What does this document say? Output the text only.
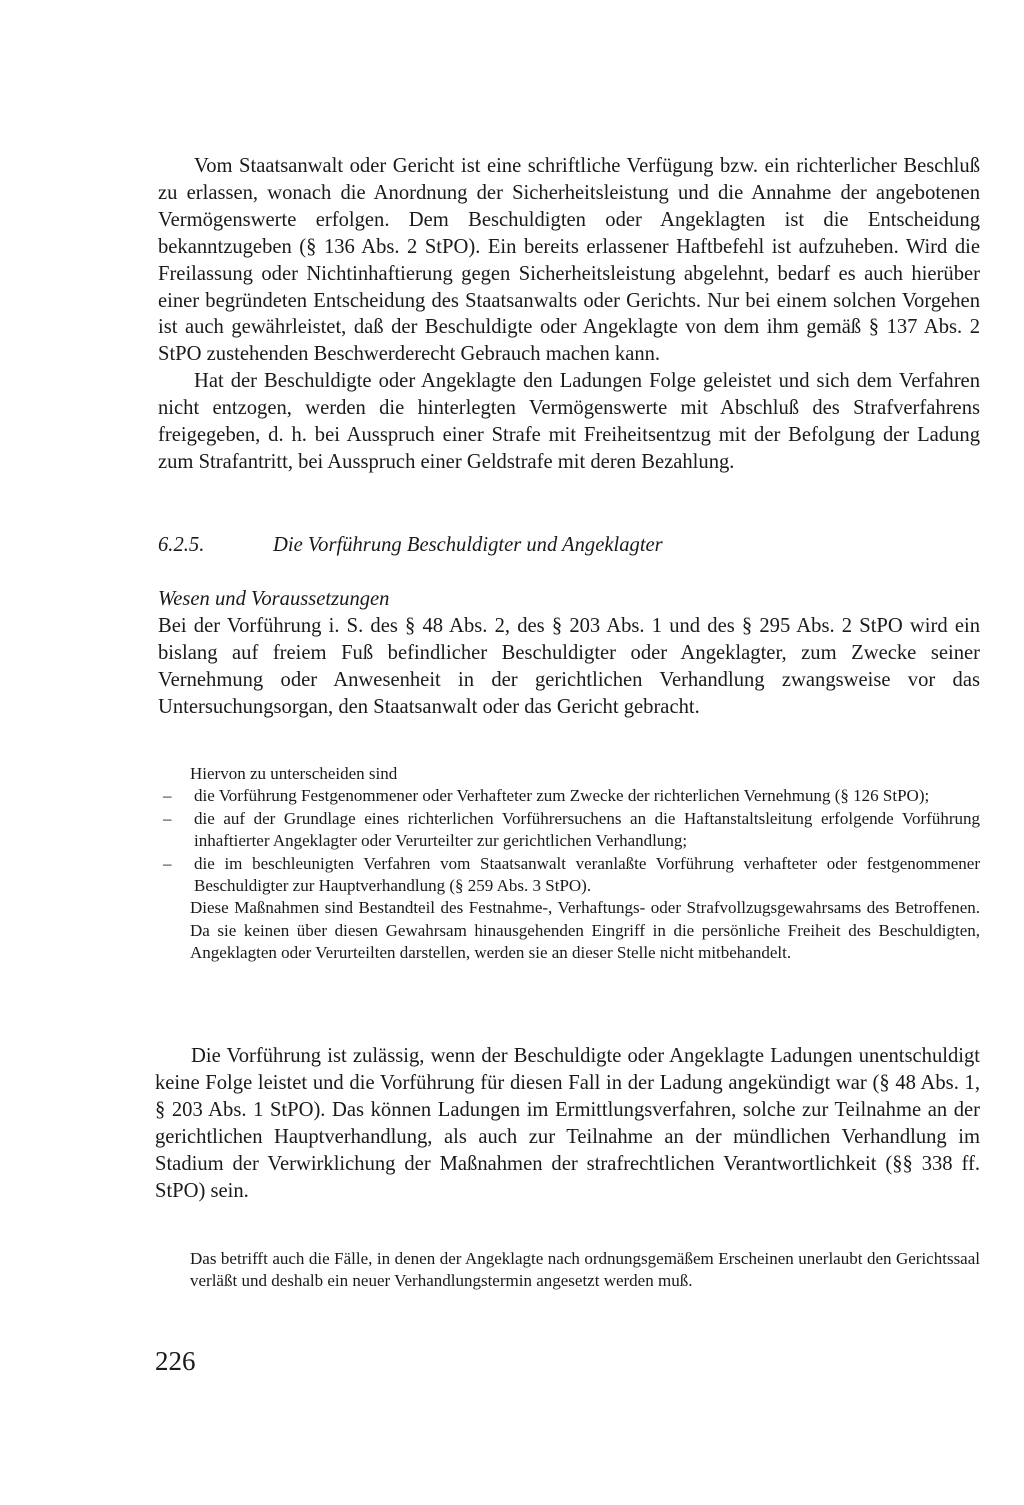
Vom Staatsanwalt oder Gericht ist eine schriftliche Verfügung bzw. ein richterlicher Beschluß zu erlassen, wonach die Anordnung der Sicherheitsleistung und die Annahme der angebotenen Vermögenswerte erfolgen. Dem Beschuldigten oder Angeklagten ist die Entscheidung bekanntzugeben (§ 136 Abs. 2 StPO). Ein bereits erlassener Haftbefehl ist aufzuheben. Wird die Freilassung oder Nichtinhaftierung gegen Sicherheitsleistung abgelehnt, bedarf es auch hierüber einer begründeten Entscheidung des Staatsanwalts oder Gerichts. Nur bei einem solchen Vorgehen ist auch gewährleistet, daß der Beschuldigte oder Angeklagte von dem ihm gemäß § 137 Abs. 2 StPO zustehenden Beschwerderecht Gebrauch machen kann.

Hat der Beschuldigte oder Angeklagte den Ladungen Folge geleistet und sich dem Verfahren nicht entzogen, werden die hinterlegten Vermögenswerte mit Abschluß des Strafverfahrens freigegeben, d. h. bei Ausspruch einer Strafe mit Freiheitsentzug mit der Befolgung der Ladung zum Strafantritt, bei Ausspruch einer Geldstrafe mit deren Bezahlung.

6.2.5.	Die Vorführung Beschuldigter und Angeklagter

Wesen und Voraussetzungen

Bei der Vorführung i. S. des § 48 Abs. 2, des § 203 Abs. 1 und des § 295 Abs. 2 StPO wird ein bislang auf freiem Fuß befindlicher Beschuldigter oder Angeklagter, zum Zwecke seiner Vernehmung oder Anwesenheit in der gerichtlichen Verhandlung zwangsweise vor das Untersuchungsorgan, den Staatsanwalt oder das Gericht gebracht.

Hiervon zu unterscheiden sind

– die Vorführung Festgenommener oder Verhafteter zum Zwecke der richterlichen Vernehmung (§ 126 StPO);
– die auf der Grundlage eines richterlichen Vorführersuchens an die Haftanstaltsleitung erfolgende Vorführung inhaftierter Angeklagter oder Verurteilter zur gerichtlichen Verhandlung;
– die im beschleunigten Verfahren vom Staatsanwalt veranlaßte Vorführung verhafteter oder festgenommener Beschuldigter zur Hauptverhandlung (§ 259 Abs. 3 StPO).

Diese Maßnahmen sind Bestandteil des Festnahme-, Verhaftungs- oder Strafvollzugsgewahrsams des Betroffenen. Da sie keinen über diesen Gewahrsam hinausgehenden Eingriff in die persönliche Freiheit des Beschuldigten, Angeklagten oder Verurteilten darstellen, werden sie an dieser Stelle nicht mitbehandelt.

Die Vorführung ist zulässig, wenn der Beschuldigte oder Angeklagte Ladungen unentschuldigt keine Folge leistet und die Vorführung für diesen Fall in der Ladung angekündigt war (§ 48 Abs. 1, § 203 Abs. 1 StPO). Das können Ladungen im Ermittlungsverfahren, solche zur Teilnahme an der gerichtlichen Hauptverhandlung, als auch zur Teilnahme an der mündlichen Verhandlung im Stadium der Verwirklichung der Maßnahmen der strafrechtlichen Verantwortlichkeit (§§ 338 ff. StPO) sein.

Das betrifft auch die Fälle, in denen der Angeklagte nach ordnungsgemäßem Erscheinen unerlaubt den Gerichtssaal verläßt und deshalb ein neuer Verhandlungstermin angesetzt werden muß.

226
